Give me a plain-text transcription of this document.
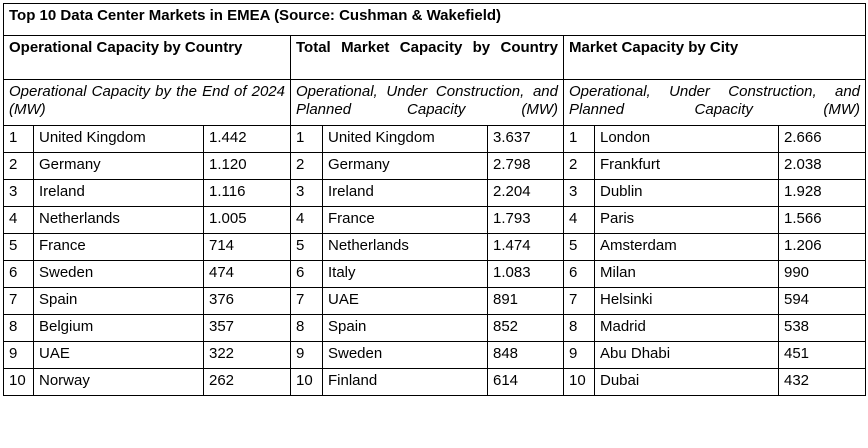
Top 10 Data Center Markets in EMEA (Source: Cushman & Wakefield)								
Operational Capacity by Country			Total Market Capacity by Country			Market Capacity by City		
Operational Capacity by the End of 2024 (MW)			Operational, Under Construction, and Planned Capacity (MW)			Operational, Under Construction, and Planned Capacity (MW)		
1	United Kingdom	1.442	1	United Kingdom	3.637	1	London	2.666
2	Germany	1.120	2	Germany	2.798	2	Frankfurt	2.038
3	Ireland	1.116	3	Ireland	2.204	3	Dublin	1.928
4	Netherlands	1.005	4	France	1.793	4	Paris	1.566
5	France	714	5	Netherlands	1.474	5	Amsterdam	1.206
6	Sweden	474	6	Italy	1.083	6	Milan	990
7	Spain	376	7	UAE	891	7	Helsinki	594
8	Belgium	357	8	Spain	852	8	Madrid	538
9	UAE	322	9	Sweden	848	9	Abu Dhabi	451
10	Norway	262	10	Finland	614	10	Dubai	432
